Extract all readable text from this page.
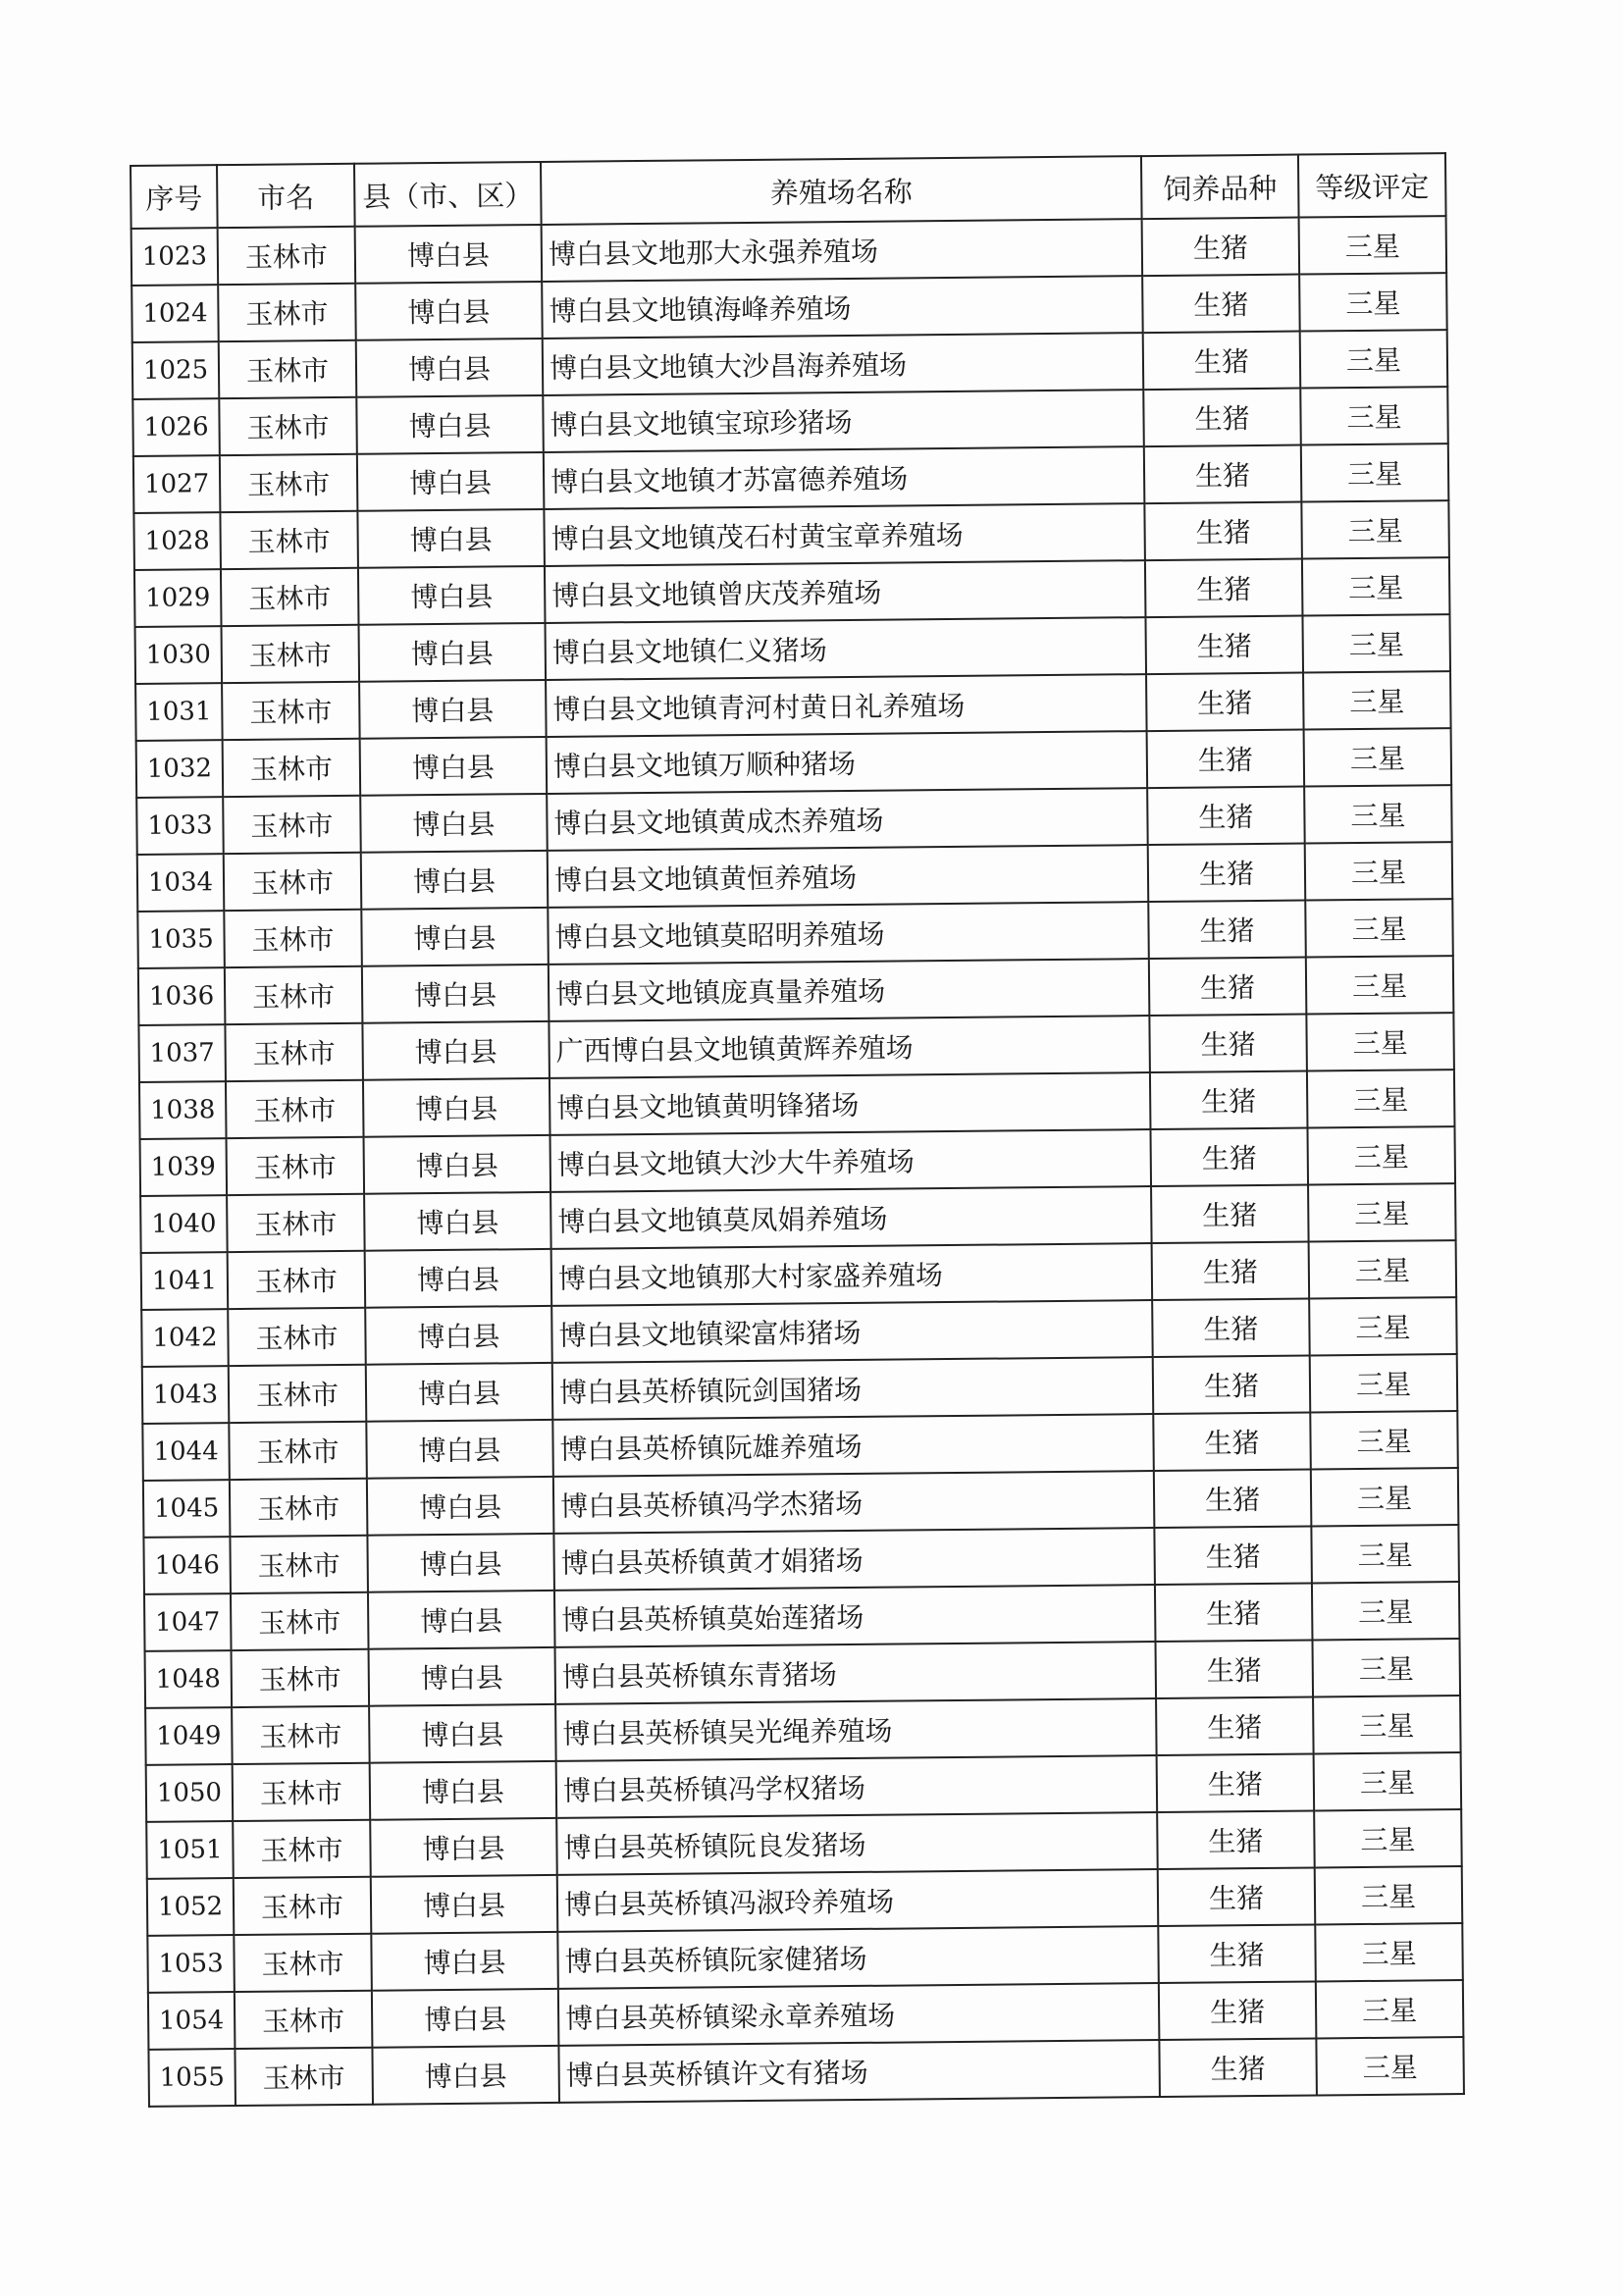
序号	市名	县（市、区）	养殖场名称	饲养品种	等级评定
1023	玉林市	博白县	博白县文地那大永强养殖场	生猪	三星
1024	玉林市	博白县	博白县文地镇海峰养殖场	生猪	三星
1025	玉林市	博白县	博白县文地镇大沙昌海养殖场	生猪	三星
1026	玉林市	博白县	博白县文地镇宝琼珍猪场	生猪	三星
1027	玉林市	博白县	博白县文地镇才苏富德养殖场	生猪	三星
1028	玉林市	博白县	博白县文地镇茂石村黄宝章养殖场	生猪	三星
1029	玉林市	博白县	博白县文地镇曾庆茂养殖场	生猪	三星
1030	玉林市	博白县	博白县文地镇仁义猪场	生猪	三星
1031	玉林市	博白县	博白县文地镇青河村黄日礼养殖场	生猪	三星
1032	玉林市	博白县	博白县文地镇万顺种猪场	生猪	三星
1033	玉林市	博白县	博白县文地镇黄成杰养殖场	生猪	三星
1034	玉林市	博白县	博白县文地镇黄恒养殖场	生猪	三星
1035	玉林市	博白县	博白县文地镇莫昭明养殖场	生猪	三星
1036	玉林市	博白县	博白县文地镇庞真量养殖场	生猪	三星
1037	玉林市	博白县	广西博白县文地镇黄辉养殖场	生猪	三星
1038	玉林市	博白县	博白县文地镇黄明锋猪场	生猪	三星
1039	玉林市	博白县	博白县文地镇大沙大牛养殖场	生猪	三星
1040	玉林市	博白县	博白县文地镇莫凤娟养殖场	生猪	三星
1041	玉林市	博白县	博白县文地镇那大村家盛养殖场	生猪	三星
1042	玉林市	博白县	博白县文地镇梁富炜猪场	生猪	三星
1043	玉林市	博白县	博白县英桥镇阮剑国猪场	生猪	三星
1044	玉林市	博白县	博白县英桥镇阮雄养殖场	生猪	三星
1045	玉林市	博白县	博白县英桥镇冯学杰猪场	生猪	三星
1046	玉林市	博白县	博白县英桥镇黄才娟猪场	生猪	三星
1047	玉林市	博白县	博白县英桥镇莫始莲猪场	生猪	三星
1048	玉林市	博白县	博白县英桥镇东青猪场	生猪	三星
1049	玉林市	博白县	博白县英桥镇吴光绳养殖场	生猪	三星
1050	玉林市	博白县	博白县英桥镇冯学权猪场	生猪	三星
1051	玉林市	博白县	博白县英桥镇阮良发猪场	生猪	三星
1052	玉林市	博白县	博白县英桥镇冯淑玲养殖场	生猪	三星
1053	玉林市	博白县	博白县英桥镇阮家健猪场	生猪	三星
1054	玉林市	博白县	博白县英桥镇梁永章养殖场	生猪	三星
1055	玉林市	博白县	博白县英桥镇许文有猪场	生猪	三星
